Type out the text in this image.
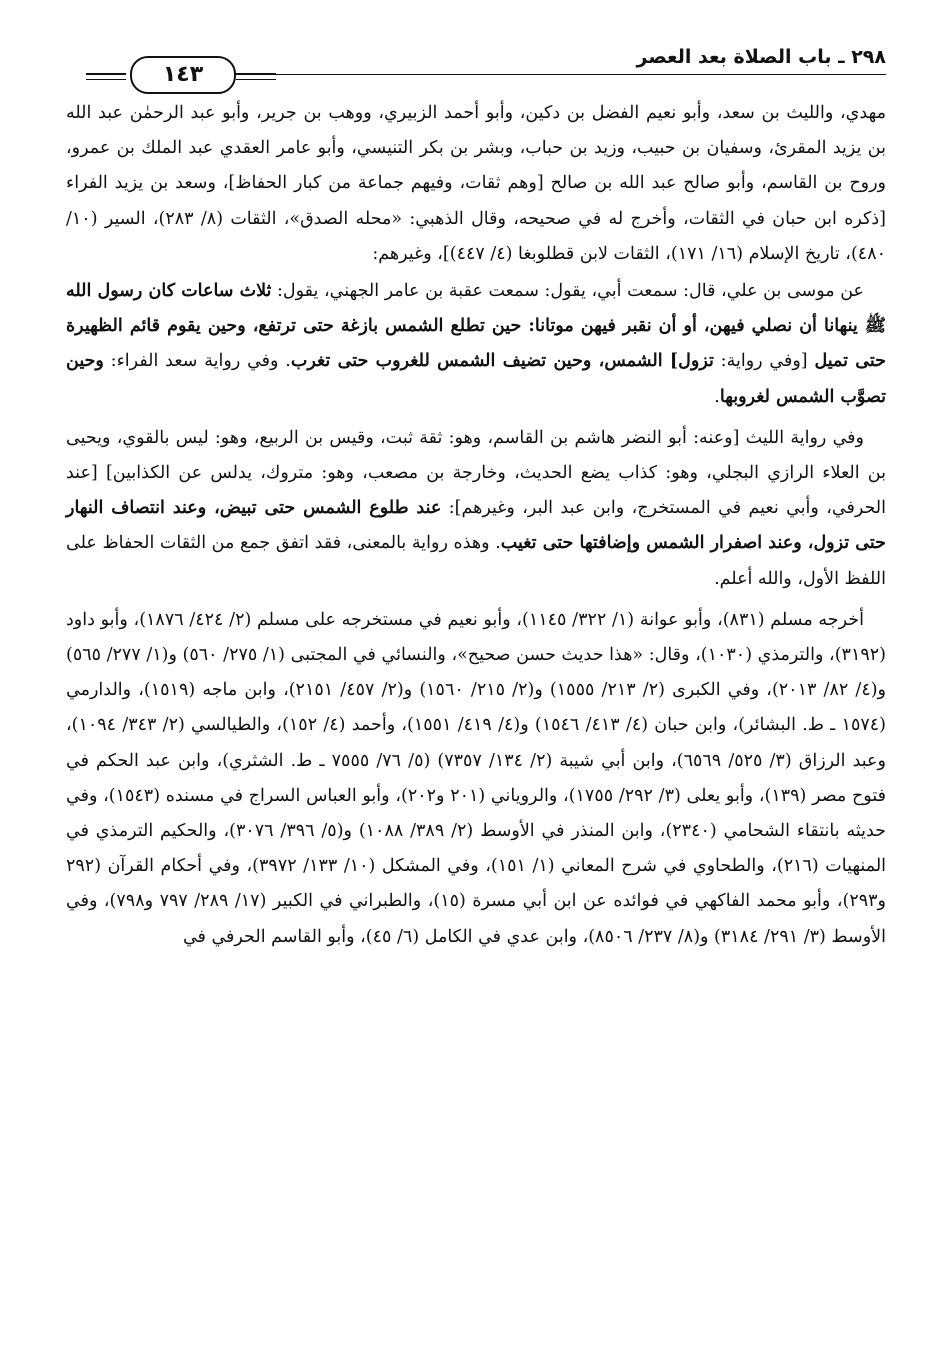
٢٩٨ ـ باب الصلاة بعد العصر
١٤٣

مهدي، والليث بن سعد، وأبو نعيم الفضل بن دكين، وأبو أحمد الزبيري، ووهب بن جرير، وأبو عبد الرحمٰن عبد الله بن يزيد المقرئ، وسفيان بن حبيب، وزيد بن حباب، وبشر بن بكر التنيسي، وأبو عامر العقدي عبد الملك بن عمرو، وروح بن القاسم، وأبو صالح عبد الله بن صالح [وهم ثقات، وفيهم جماعة من كبار الحفاظ]، وسعد بن يزيد الفراء [ذكره ابن حبان في الثقات، وأخرج له في صحيحه، وقال الذهبي: «محله الصدق»، الثقات (٨/ ٢٨٣)، السير (١٠/ ٤٨٠)، تاريخ الإسلام (١٦/ ١٧١)، الثقات لابن قطلوبغا (٤/ ٤٤٧)]، وغيرهم:

عن موسى بن علي، قال: سمعت أبي، يقول: سمعت عقبة بن عامر الجهني، يقول: ثلاث ساعات كان رسول الله ﷺ ينهانا أن نصلي فيهن، أو أن نقبر فيهن موتانا: حين تطلع الشمس بازغة حتى ترتفع، وحين يقوم قائم الظهيرة حتى تميل [وفي رواية: تزول] الشمس، وحين تضيف الشمس للغروب حتى تغرب. وفي رواية سعد الفراء: وحين تصوَّب الشمس لغروبها.

وفي رواية الليث [وعنه: أبو النضر هاشم بن القاسم، وهو: ثقة ثبت، وقيس بن الربيع، وهو: ليس بالقوي، ويحيى بن العلاء الرازي البجلي، وهو: كذاب يضع الحديث، وخارجة بن مصعب، وهو: متروك، يدلس عن الكذابين] [عند الحرفي، وأبي نعيم في المستخرج، وابن عبد البر، وغيرهم]: عند طلوع الشمس حتى تبيض، وعند انتصاف النهار حتى تزول، وعند اصفرار الشمس وإضافتها حتى تغيب. وهذه رواية بالمعنى، فقد اتفق جمع من الثقات الحفاظ على اللفظ الأول، والله أعلم.

أخرجه مسلم (٨٣١)، وأبو عوانة (١/ ٣٢٢/ ١١٤٥)، وأبو نعيم في مستخرجه على مسلم (٢/ ٤٢٤/ ١٨٧٦)، وأبو داود (٣١٩٢)، والترمذي (١٠٣٠)، وقال: «هذا حديث حسن صحيح»، والنسائي في المجتبى (١/ ٢٧٥/ ٥٦٠) و(١/ ٢٧٧/ ٥٦٥) و(٤/ ٨٢/ ٢٠١٣)، وفي الكبرى (٢/ ٢١٣/ ١٥٥٥) و(٢/ ٢١٥/ ١٥٦٠) و(٢/ ٤٥٧/ ٢١٥١)، وابن ماجه (١٥١٩)، والدارمي (١٥٧٤ ـ ط. البشائر)، وابن حبان (٤/ ٤١٣/ ١٥٤٦) و(٤/ ٤١٩/ ١٥٥١)، وأحمد (٤/ ١٥٢)، والطيالسي (٢/ ٣٤٣/ ١٠٩٤)، وعبد الرزاق (٣/ ٥٢٥/ ٦٥٦٩)، وابن أبي شيبة (٢/ ١٣٤/ ٧٣٥٧) (٥/ ٧٦/ ٧٥٥٥ ـ ط. الشثري)، وابن عبد الحكم في فتوح مصر (١٣٩)، وأبو يعلى (٣/ ٢٩٢/ ١٧٥٥)، والروياني (٢٠١ و٢٠٢)، وأبو العباس السراج في مسنده (١٥٤٣)، وفي حديثه بانتقاء الشحامي (٢٣٤٠)، وابن المنذر في الأوسط (٢/ ٣٨٩/ ١٠٨٨) و(٥/ ٣٩٦/ ٣٠٧٦)، والحكيم الترمذي في المنهيات (٢١٦)، والطحاوي في شرح المعاني (١/ ١٥١)، وفي المشكل (١٠/ ١٣٣/ ٣٩٧٢)، وفي أحكام القرآن (٢٩٢ و٢٩٣)، وأبو محمد الفاكهي في فوائده عن ابن أبي مسرة (١٥)، والطبراني في الكبير (١٧/ ٢٨٩/ ٧٩٧ و٧٩٨)، وفي الأوسط (٣/ ٢٩١/ ٣١٨٤) و(٨/ ٢٣٧/ ٨٥٠٦)، وابن عدي في الكامل (٦/ ٤٥)، وأبو القاسم الحرفي في
